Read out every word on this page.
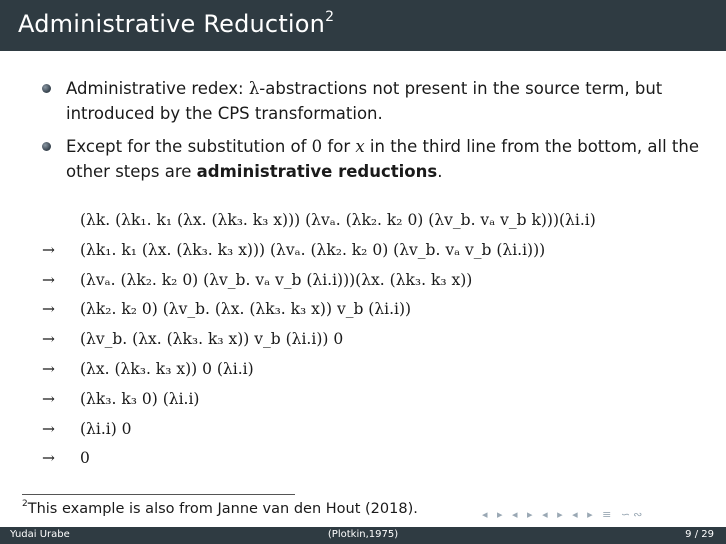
Administrative Reduction$^2$
Administrative redex: λ-abstractions not present in the source term, but introduced by the CPS transformation.
Except for the substitution of 0 for x in the third line from the bottom, all the other steps are administrative reductions.
(λk. (λk₁. k₁ (λx. (λk₃. k₃ x))) (λvₐ. (λk₂. k₂ 0) (λv_b. vₐ v_b k)))(λi.i)
→ (λk₁. k₁ (λx. (λk₃. k₃ x))) (λvₐ. (λk₂. k₂ 0) (λv_b. vₐ v_b (λi.i)))
→ (λvₐ. (λk₂. k₂ 0) (λv_b. vₐ v_b (λi.i)))(λx. (λk₃. k₃ x))
→ (λk₂. k₂ 0) (λv_b. (λx. (λk₃. k₃ x)) v_b (λi.i))
→ (λv_b. (λx. (λk₃. k₃ x)) v_b (λi.i)) 0
→ (λx. (λk₃. k₃ x)) 0 (λi.i)
→ (λk₃. k₃ 0) (λi.i)
→ (λi.i) 0
→ 0
$^2$This example is also from Janne van den Hout (2018).	◂ ▸ ◂ ▸ ◂ ▸ ◂ ▸ ≡ ∽∾
Yudai Urabe	(Plotkin,1975)	9 / 29
